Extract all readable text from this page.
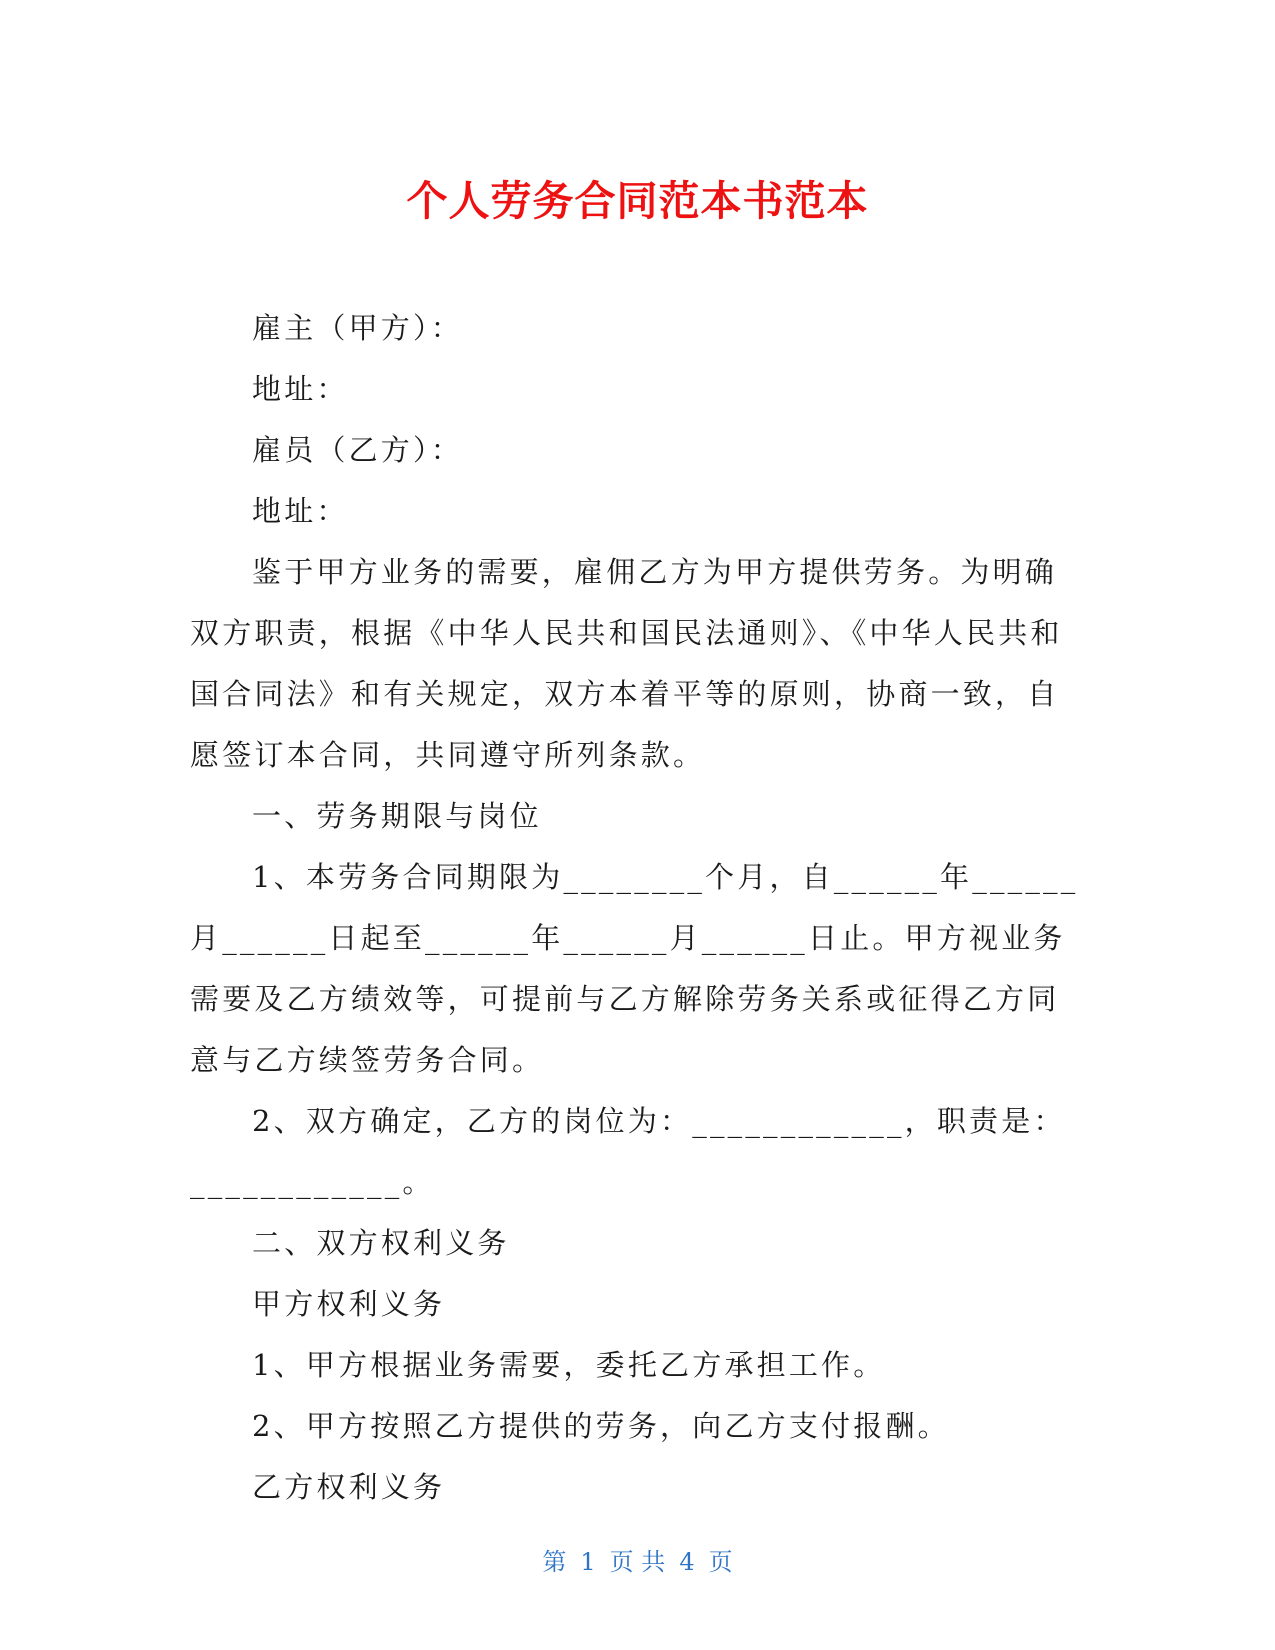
个人劳务合同范本书范本

雇主（甲方）：

地址：

雇员（乙方）：

地址：

鉴于甲方业务的需要，雇佣乙方为甲方提供劳务。为明确双方职责，根据《中华人民共和国民法通则》、《中华人民共和国合同法》和有关规定，双方本着平等的原则，协商一致，自愿签订本合同，共同遵守所列条款。

一、劳务期限与岗位

1、本劳务合同期限为________个月，自______年______月______日起至______年______月______日止。甲方视业务需要及乙方绩效等，可提前与乙方解除劳务关系或征得乙方同意与乙方续签劳务合同。

2、双方确定，乙方的岗位为：____________，职责是：____________。

二、双方权利义务

甲方权利义务

1、甲方根据业务需要，委托乙方承担工作。

2、甲方按照乙方提供的劳务，向乙方支付报酬。

乙方权利义务

第 1 页 共 4 页
